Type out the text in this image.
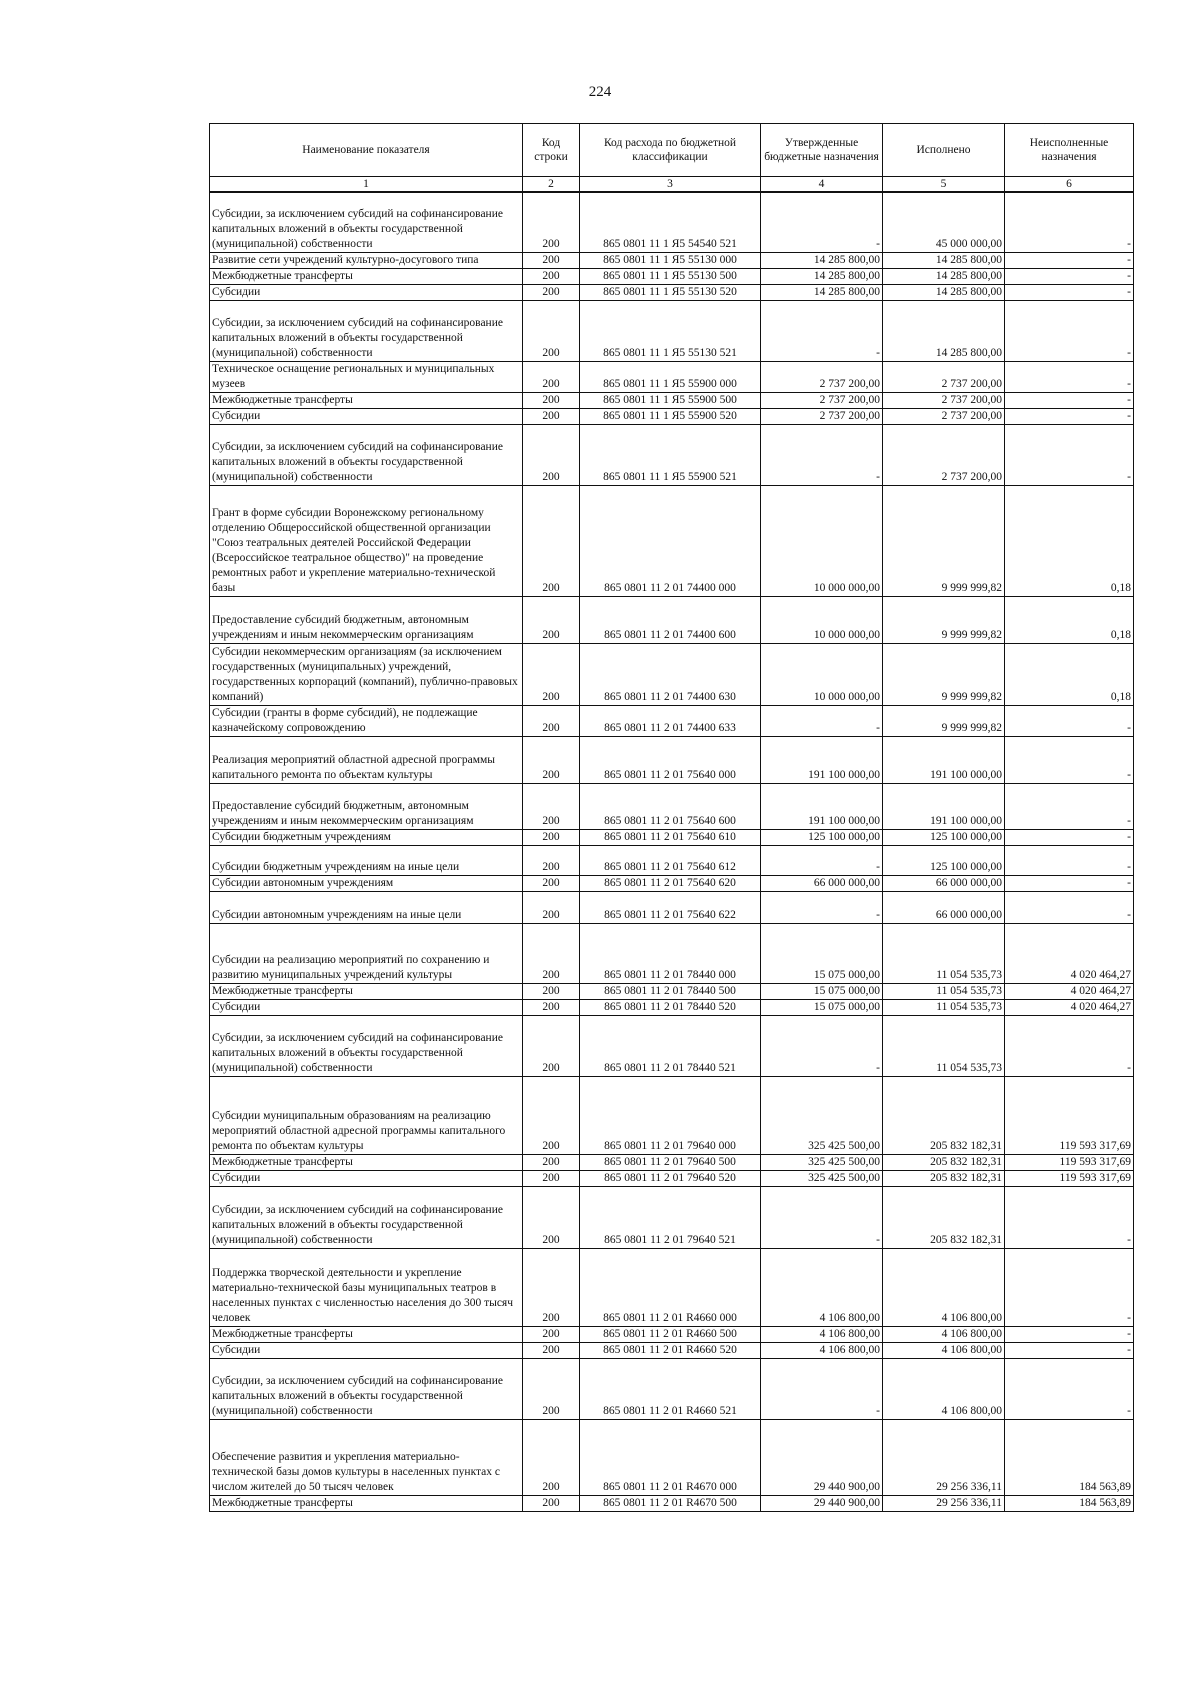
224
Наименование показателя	Код строки	Код расхода по бюджетной классификации	Утвержденные бюджетные назначения	Исполнено	Неисполненные назначения
1	2	3	4	5	6
Субсидии, за исключением субсидий на софинансирование капитальных вложений в объекты государственной (муниципальной) собственности	200	865 0801 11 1 Я5 54540 521	-	45 000 000,00	-
Развитие сети учреждений культурно-досугового типа	200	865 0801 11 1 Я5 55130 000	14 285 800,00	14 285 800,00	-
Межбюджетные трансферты	200	865 0801 11 1 Я5 55130 500	14 285 800,00	14 285 800,00	-
Субсидии	200	865 0801 11 1 Я5 55130 520	14 285 800,00	14 285 800,00	-
Субсидии, за исключением субсидий на софинансирование капитальных вложений в объекты государственной (муниципальной) собственности	200	865 0801 11 1 Я5 55130 521	-	14 285 800,00	-
Техническое оснащение региональных и муниципальных музеев	200	865 0801 11 1 Я5 55900 000	2 737 200,00	2 737 200,00	-
Межбюджетные трансферты	200	865 0801 11 1 Я5 55900 500	2 737 200,00	2 737 200,00	-
Субсидии	200	865 0801 11 1 Я5 55900 520	2 737 200,00	2 737 200,00	-
Субсидии, за исключением субсидий на софинансирование капитальных вложений в объекты государственной (муниципальной) собственности	200	865 0801 11 1 Я5 55900 521	-	2 737 200,00	-
Грант в форме субсидии Воронежскому региональному отделению Общероссийской общественной организации "Союз театральных деятелей Российской Федерации (Всероссийское театральное общество)" на проведение ремонтных работ и укрепление материально-технической базы	200	865 0801 11 2 01 74400 000	10 000 000,00	9 999 999,82	0,18
Предоставление субсидий бюджетным, автономным учреждениям и иным некоммерческим организациям	200	865 0801 11 2 01 74400 600	10 000 000,00	9 999 999,82	0,18
Субсидии некоммерческим организациям (за исключением государственных (муниципальных) учреждений, государственных корпораций (компаний), публично-правовых компаний)	200	865 0801 11 2 01 74400 630	10 000 000,00	9 999 999,82	0,18
Субсидии (гранты в форме субсидий), не подлежащие казначейскому сопровождению	200	865 0801 11 2 01 74400 633	-	9 999 999,82	-
Реализация мероприятий областной адресной программы капитального ремонта по объектам культуры	200	865 0801 11 2 01 75640 000	191 100 000,00	191 100 000,00	-
Предоставление субсидий бюджетным, автономным учреждениям и иным некоммерческим организациям	200	865 0801 11 2 01 75640 600	191 100 000,00	191 100 000,00	-
Субсидии бюджетным учреждениям	200	865 0801 11 2 01 75640 610	125 100 000,00	125 100 000,00	-
Субсидии бюджетным учреждениям на иные цели	200	865 0801 11 2 01 75640 612	-	125 100 000,00	-
Субсидии автономным учреждениям	200	865 0801 11 2 01 75640 620	66 000 000,00	66 000 000,00	-
Субсидии автономным учреждениям на иные цели	200	865 0801 11 2 01 75640 622	-	66 000 000,00	-
Субсидии на реализацию мероприятий по сохранению и развитию муниципальных учреждений культуры	200	865 0801 11 2 01 78440 000	15 075 000,00	11 054 535,73	4 020 464,27
Межбюджетные трансферты	200	865 0801 11 2 01 78440 500	15 075 000,00	11 054 535,73	4 020 464,27
Субсидии	200	865 0801 11 2 01 78440 520	15 075 000,00	11 054 535,73	4 020 464,27
Субсидии, за исключением субсидий на софинансирование капитальных вложений в объекты государственной (муниципальной) собственности	200	865 0801 11 2 01 78440 521	-	11 054 535,73	-
Субсидии муниципальным образованиям на реализацию мероприятий областной адресной программы капитального ремонта по объектам культуры	200	865 0801 11 2 01 79640 000	325 425 500,00	205 832 182,31	119 593 317,69
Межбюджетные трансферты	200	865 0801 11 2 01 79640 500	325 425 500,00	205 832 182,31	119 593 317,69
Субсидии	200	865 0801 11 2 01 79640 520	325 425 500,00	205 832 182,31	119 593 317,69
Субсидии, за исключением субсидий на софинансирование капитальных вложений в объекты государственной (муниципальной) собственности	200	865 0801 11 2 01 79640 521	-	205 832 182,31	-
Поддержка творческой деятельности и укрепление материально-технической базы муниципальных театров в населенных пунктах с численностью населения до 300 тысяч человек	200	865 0801 11 2 01 R4660 000	4 106 800,00	4 106 800,00	-
Межбюджетные трансферты	200	865 0801 11 2 01 R4660 500	4 106 800,00	4 106 800,00	-
Субсидии	200	865 0801 11 2 01 R4660 520	4 106 800,00	4 106 800,00	-
Субсидии, за исключением субсидий на софинансирование капитальных вложений в объекты государственной (муниципальной) собственности	200	865 0801 11 2 01 R4660 521	-	4 106 800,00	-
Обеспечение развития и укрепления материально-технической базы домов культуры в населенных пунктах с числом жителей до 50 тысяч человек	200	865 0801 11 2 01 R4670 000	29 440 900,00	29 256 336,11	184 563,89
Межбюджетные трансферты	200	865 0801 11 2 01 R4670 500	29 440 900,00	29 256 336,11	184 563,89
